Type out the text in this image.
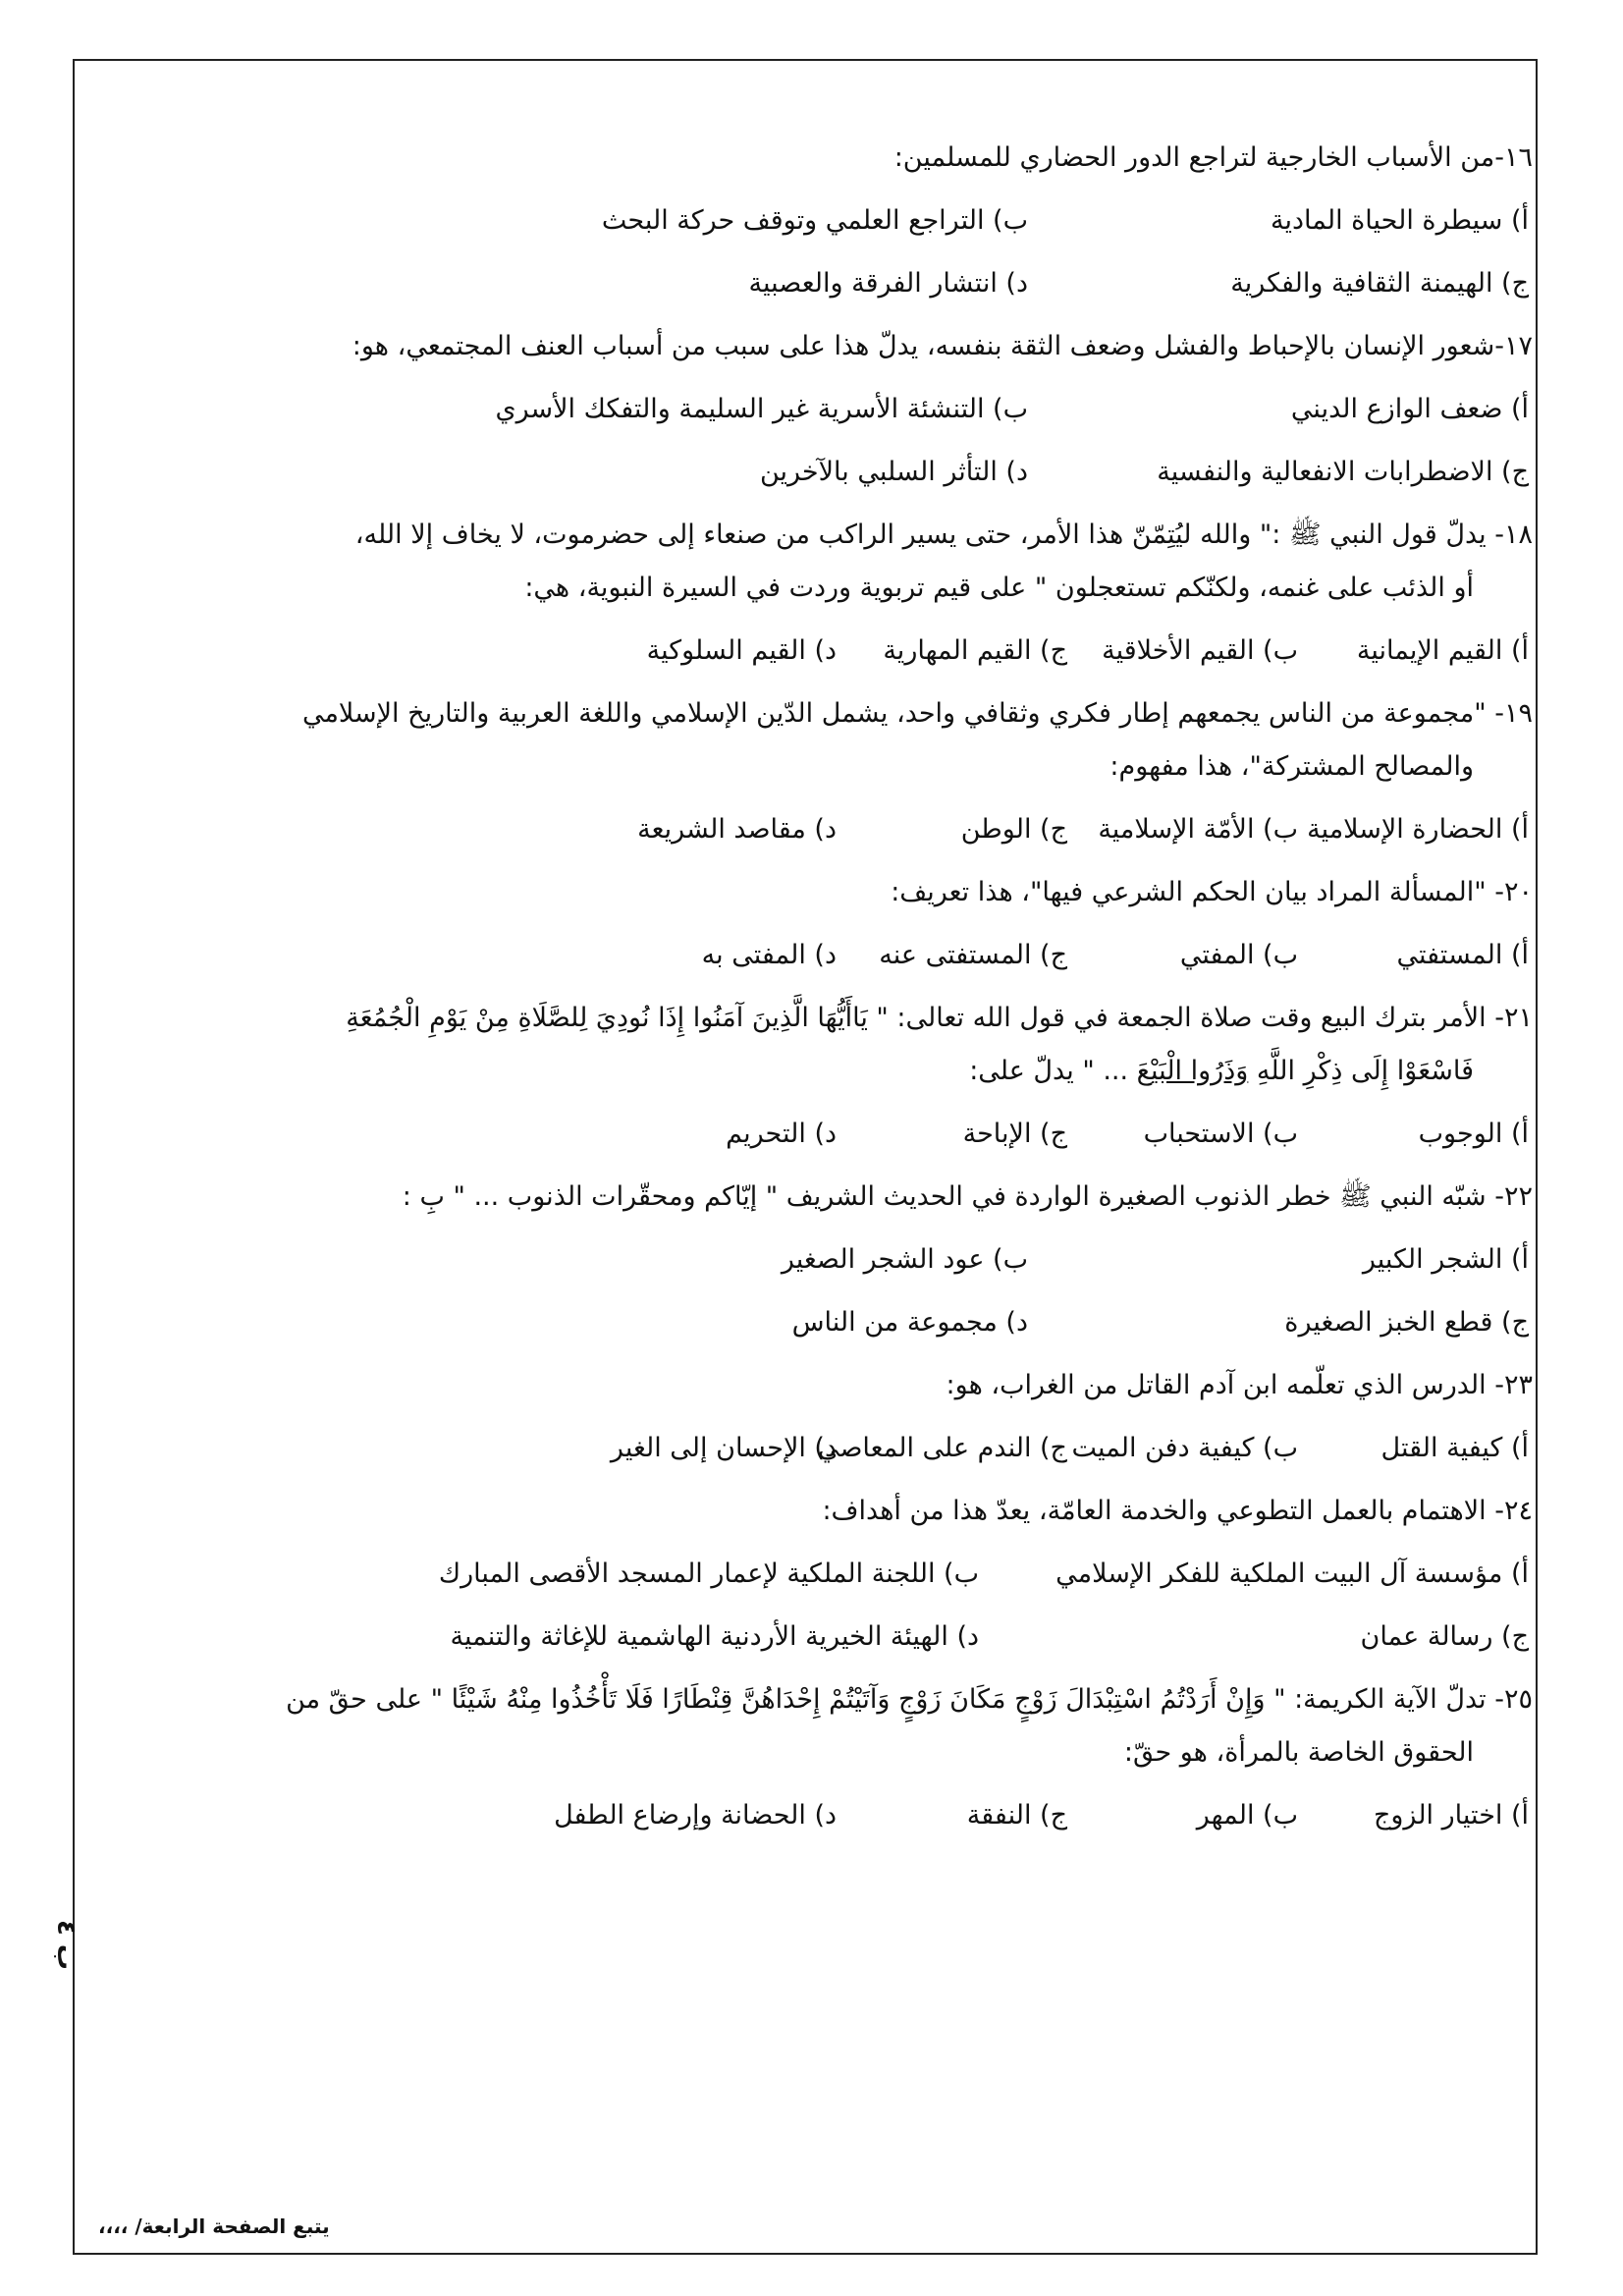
١٦-من الأسباب الخارجية لتراجع الدور الحضاري للمسلمين:
أ) سيطرة الحياة المادية
ب) التراجع العلمي وتوقف حركة البحث
ج) الهيمنة الثقافية والفكرية
د) انتشار الفرقة والعصبية
١٧-شعور الإنسان بالإحباط والفشل وضعف الثقة بنفسه، يدلّ هذا على سبب من أسباب العنف المجتمعي، هو:
أ) ضعف الوازع الديني
ب) التنشئة الأسرية غير السليمة والتفكك الأسري
ج) الاضطرابات الانفعالية والنفسية
د) التأثر السلبي بالآخرين
١٨- يدلّ قول النبي ﷺ :" والله ليُتِمّنّ هذا الأمر، حتى يسير الراكب من صنعاء إلى حضرموت، لا يخاف إلا الله،
أو الذئب على غنمه، ولكنّكم تستعجلون " على قيم تربوية وردت في السيرة النبوية، هي:
أ) القيم الإيمانية
ب) القيم الأخلاقية
ج) القيم المهارية
د) القيم السلوكية
١٩- "مجموعة من الناس يجمعهم إطار فكري وثقافي واحد، يشمل الدّين الإسلامي واللغة العربية والتاريخ الإسلامي
والمصالح المشتركة"، هذا مفهوم:
أ) الحضارة الإسلامية
ب) الأمّة الإسلامية
ج) الوطن
د) مقاصد الشريعة
٢٠- "المسألة المراد بيان الحكم الشرعي فيها"، هذا تعريف:
أ) المستفتي
ب) المفتي
ج) المستفتى عنه
د) المفتى به
٢١- الأمر بترك البيع وقت صلاة الجمعة في قول الله تعالى: " يَاأَيُّهَا الَّذِينَ آمَنُوا إِذَا نُودِيَ لِلصَّلَاةِ مِنْ يَوْمِ الْجُمُعَةِ
فَاسْعَوْا إِلَى ذِكْرِ اللَّهِ وَذَرُوا الْبَيْعَ ... " يدلّ على:
أ) الوجوب
ب) الاستحباب
ج) الإباحة
د) التحريم
٢٢- شبّه النبي ﷺ خطر الذنوب الصغيرة الواردة في الحديث الشريف " إيّاكم ومحقّرات الذنوب ... " بِ :
أ) الشجر الكبير
ب) عود الشجر الصغير
ج) قطع الخبز الصغيرة
د) مجموعة من الناس
٢٣- الدرس الذي تعلّمه ابن آدم القاتل من الغراب، هو:
أ) كيفية القتل
ب) كيفية دفن الميت
ج) الندم على المعاصي
د) الإحسان إلى الغير
٢٤- الاهتمام بالعمل التطوعي والخدمة العامّة، يعدّ هذا من أهداف:
أ) مؤسسة آل البيت الملكية للفكر الإسلامي
ب) اللجنة الملكية لإعمار المسجد الأقصى المبارك
ج) رسالة عمان
د) الهيئة الخيرية الأردنية الهاشمية للإغاثة والتنمية
٢٥- تدلّ الآية الكريمة: " وَإِنْ أَرَدْتُمُ اسْتِبْدَالَ زَوْجٍ مَكَانَ زَوْجٍ وَآتَيْتُمْ إِحْدَاهُنَّ قِنْطَارًا فَلَا تَأْخُذُوا مِنْهُ شَيْئًا " على حقّ من
الحقوق الخاصة بالمرأة، هو حقّ:
أ) اختيار الزوج
ب) المهر
ج) النفقة
د) الحضانة وإرضاع الطفل
ب ٤
يتبع الصفحة الرابعة/ ،،،،
